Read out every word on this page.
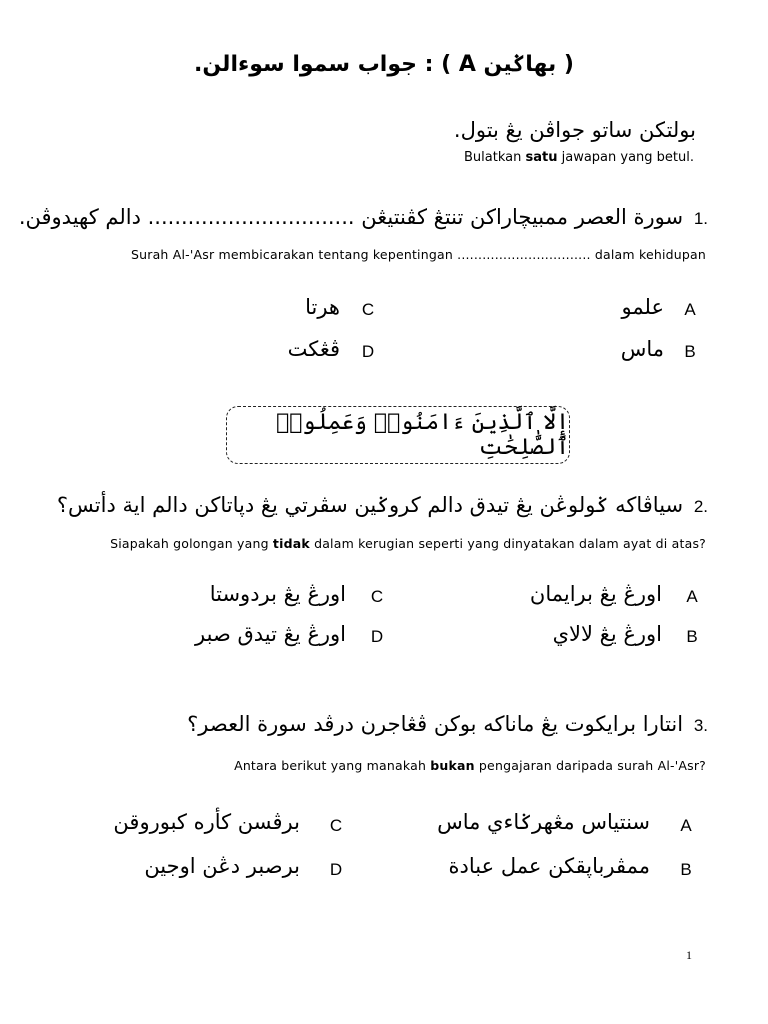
( بهاݢين A ) : جواب سموا سوءالن.
بولتكن ساتو جواڤن يڠ بتول.
Bulatkan satu jawapan yang betul.
سورة العصر ممبيچاراكن تنتڠ كڤنتيڠن ............................... دالم كهيدوڤن. 1.
Surah Al-'Asr membicarakan tentang kepentingan ................................ dalam kehidupan
A
علمو
B
ماس
C
هرتا
D
ڤڠكت
إِلَّا ٱلَّذِينَ ءَامَنُوا۟ وَعَمِلُوا۟ ٱلصَّٰلِحَٰتِ
سياڤاكه ݢولوڠن يڠ تيدق دالم كروݢين سڤرتي يڠ دڽاتاكن دالم اية دأتس؟ 2.
Siapakah golongan yang tidak dalam kerugian seperti yang dinyatakan dalam ayat di atas?
A
اورڠ يڠ برايمان
B
اورڠ يڠ لالاي
C
اورڠ يڠ بردوستا
D
اورڠ يڠ تيدق صبر
انتارا برايكوت يڠ ماناكه بوكن ڤڠاجرن درڤد سورة العصر؟ 3.
Antara berikut yang manakah bukan pengajaran daripada surah Al-'Asr?
A
سنتياس مڠهرݢاءي ماس
B
ممڤرباڽقكن عمل عبادة
C
برڤسن كأره كبوروقن
D
برصبر دڠن اوجين
1
